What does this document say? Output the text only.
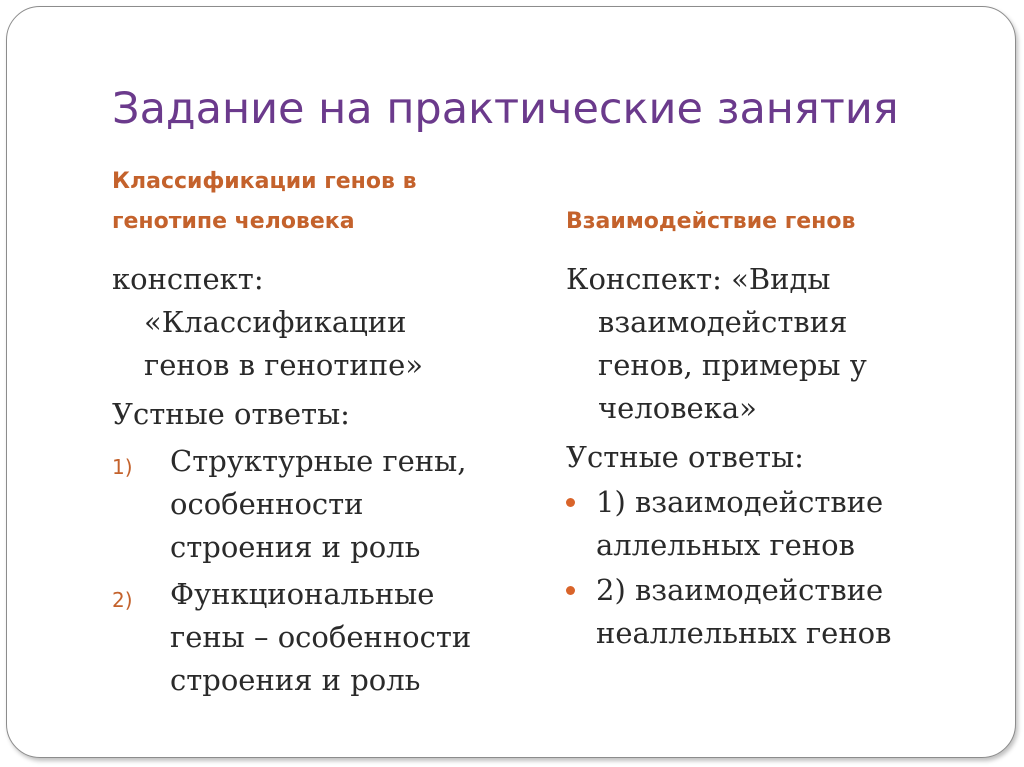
Задание на практические занятия
Классификации генов в
генотипе человека	Взаимодействие генов

конспект:

«Классификации

генов в генотипе»

Устные ответы:

1) Структурные гены,

особенности

строения и роль

2) Функциональные

гены – особенности

строения и роль

Конспект: «Виды

взаимодействия

генов, примеры у

человека»

Устные ответы:

1) взаимодействие

аллельных генов

2) взаимодействие

неаллельных генов
